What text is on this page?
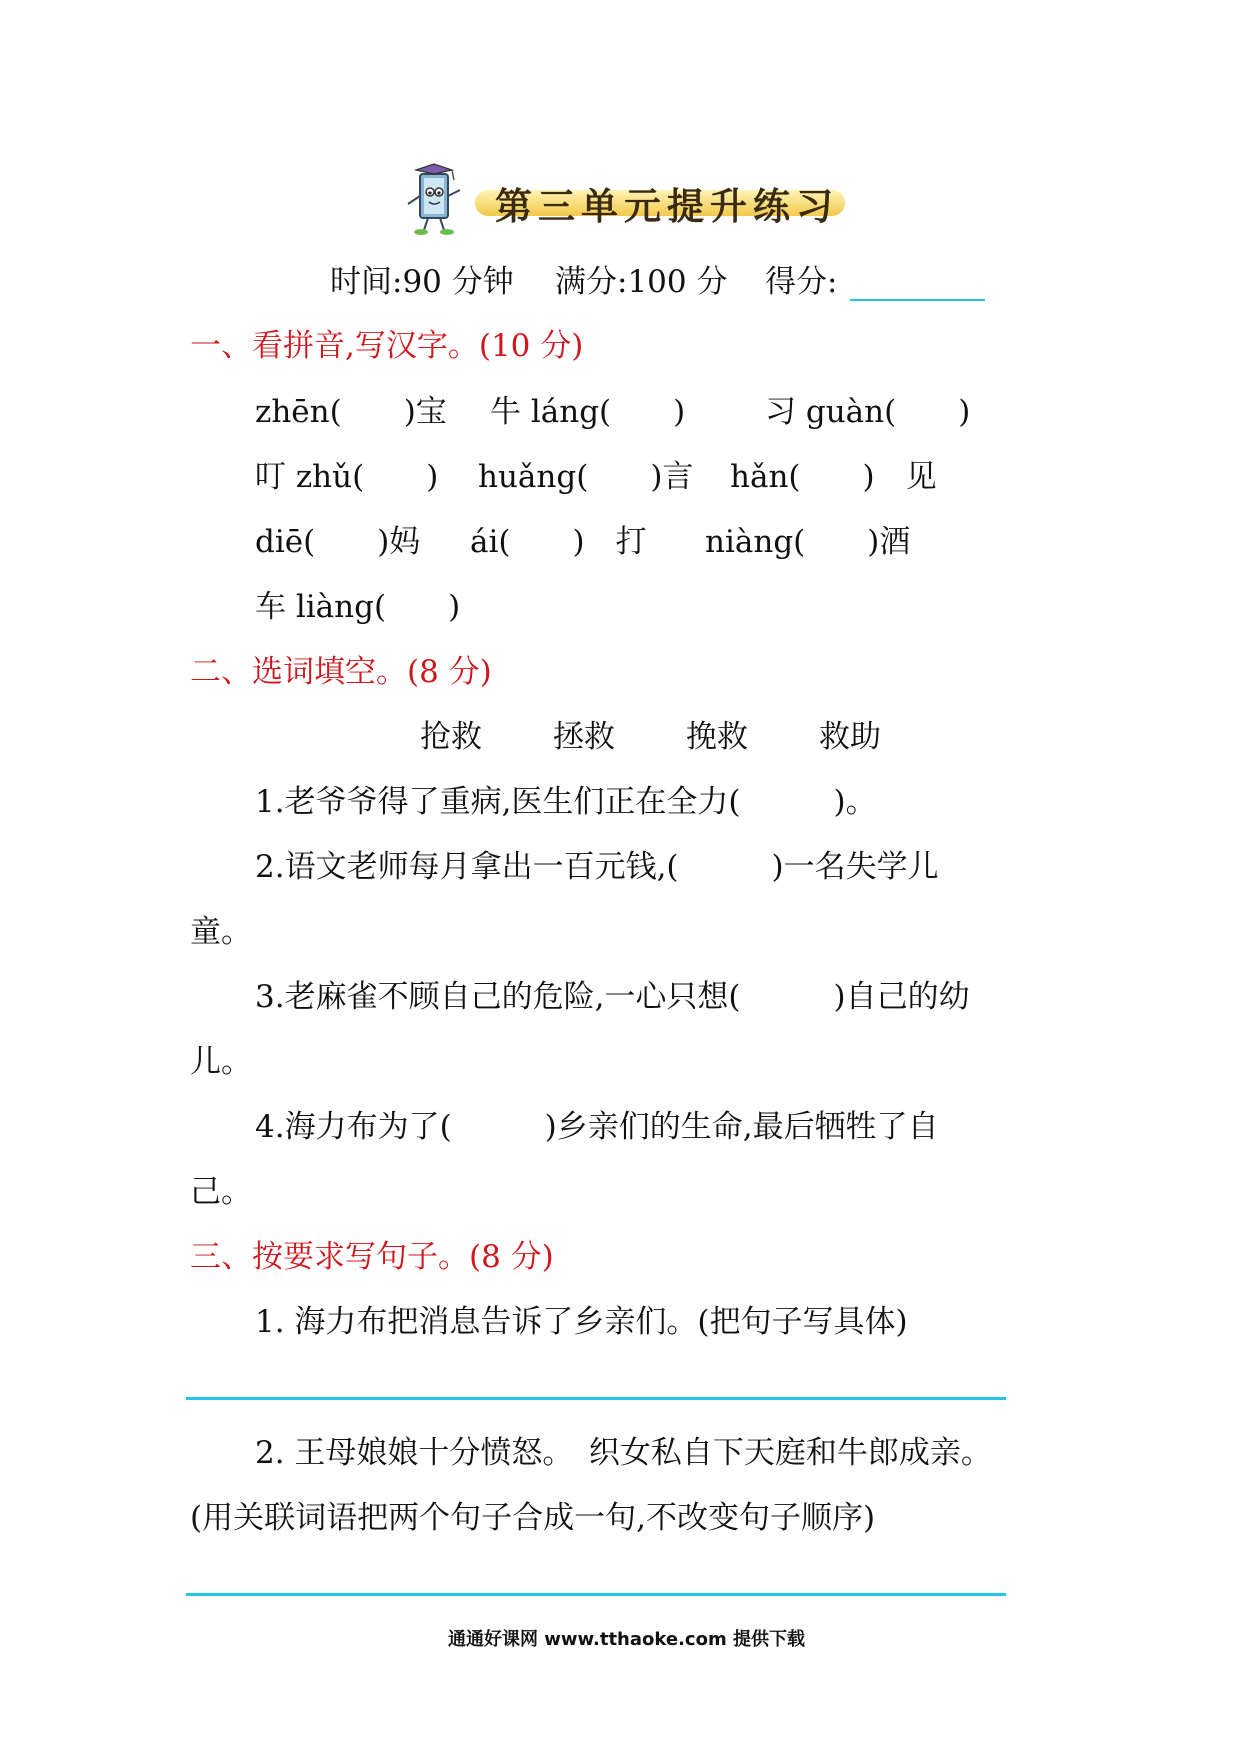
第三单元提升练习
时间:90 分钟 满分:100 分 得分:
一、看拼音,写汉字。(10 分)
zhēn(　　)宝 牛 láng(　　)	习 guàn(　　)
叮 zhǔ(　　) huǎng(　　)言 hǎn(　　)　见
diē(　　)妈 ái(　　)　打 niàng(　　)酒
车 liàng(　　)
二、选词填空。(8 分)
抢救 拯救 挽救 救助
1.老爷爷得了重病,医生们正在全力(　　　)。
2.语文老师每月拿出一百元钱,(　　　)一名失学儿
童。
3.老麻雀不顾自己的危险,一心只想(　　　)自己的幼
儿。
4.海力布为了(　　　)乡亲们的生命,最后牺牲了自
己。
三、按要求写句子。(8 分)
1. 海力布把消息告诉了乡亲们。(把句子写具体)
2. 王母娘娘十分愤怒。　织女私自下天庭和牛郎成亲。
(用关联词语把两个句子合成一句,不改变句子顺序)
通通好课网 www.tthaoke.com 提供下载
